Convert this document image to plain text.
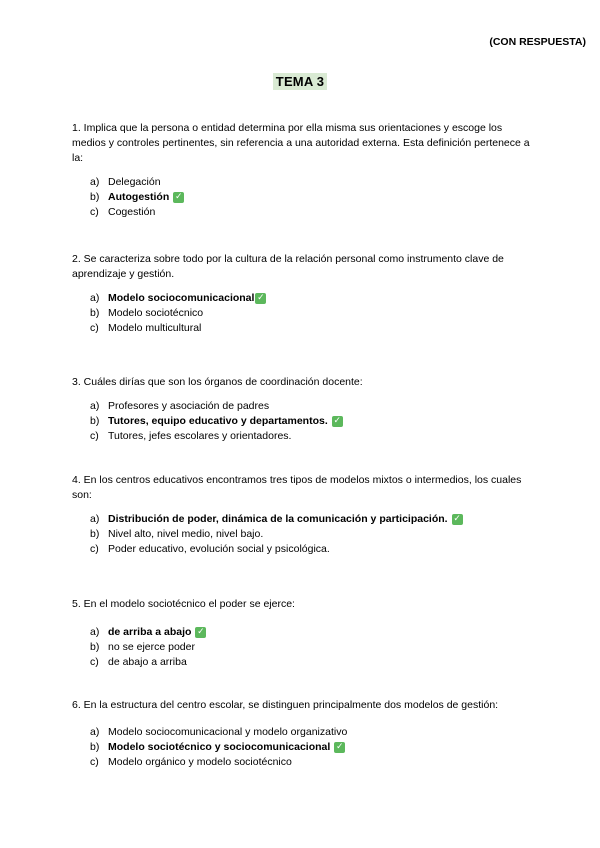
(CON RESPUESTA)
TEMA 3

1. Implica que la persona o entidad determina por ella misma sus orientaciones y escoge los medios y controles pertinentes, sin referencia a una autoridad externa. Esta definición pertenece a la:

a) Delegación
b) Autogestión ✓
c) Cogestión

2. Se caracteriza sobre todo por la cultura de la relación personal como instrumento clave de aprendizaje y gestión.

a) Modelo sociocomunicacional ✓
b) Modelo sociotécnico
c) Modelo multicultural

3. Cuáles dirías que son los órganos de coordinación docente:

a) Profesores y asociación de padres
b) Tutores, equipo educativo y departamentos. ✓
c) Tutores, jefes escolares y orientadores.

4. En los centros educativos encontramos tres tipos de modelos mixtos o intermedios, los cuales son:

a) Distribución de poder, dinámica de la comunicación y participación. ✓
b) Nivel alto, nivel medio, nivel bajo.
c) Poder educativo, evolución social y psicológica.

5. En el modelo sociotécnico el poder se ejerce:

a) de arriba a abajo ✓
b) no se ejerce poder
c) de abajo a arriba

6. En la estructura del centro escolar, se distinguen principalmente dos modelos de gestión:

a) Modelo sociocomunicacional y modelo organizativo
b) Modelo sociotécnico y sociocomunicacional ✓
c) Modelo orgánico y modelo sociotécnico
